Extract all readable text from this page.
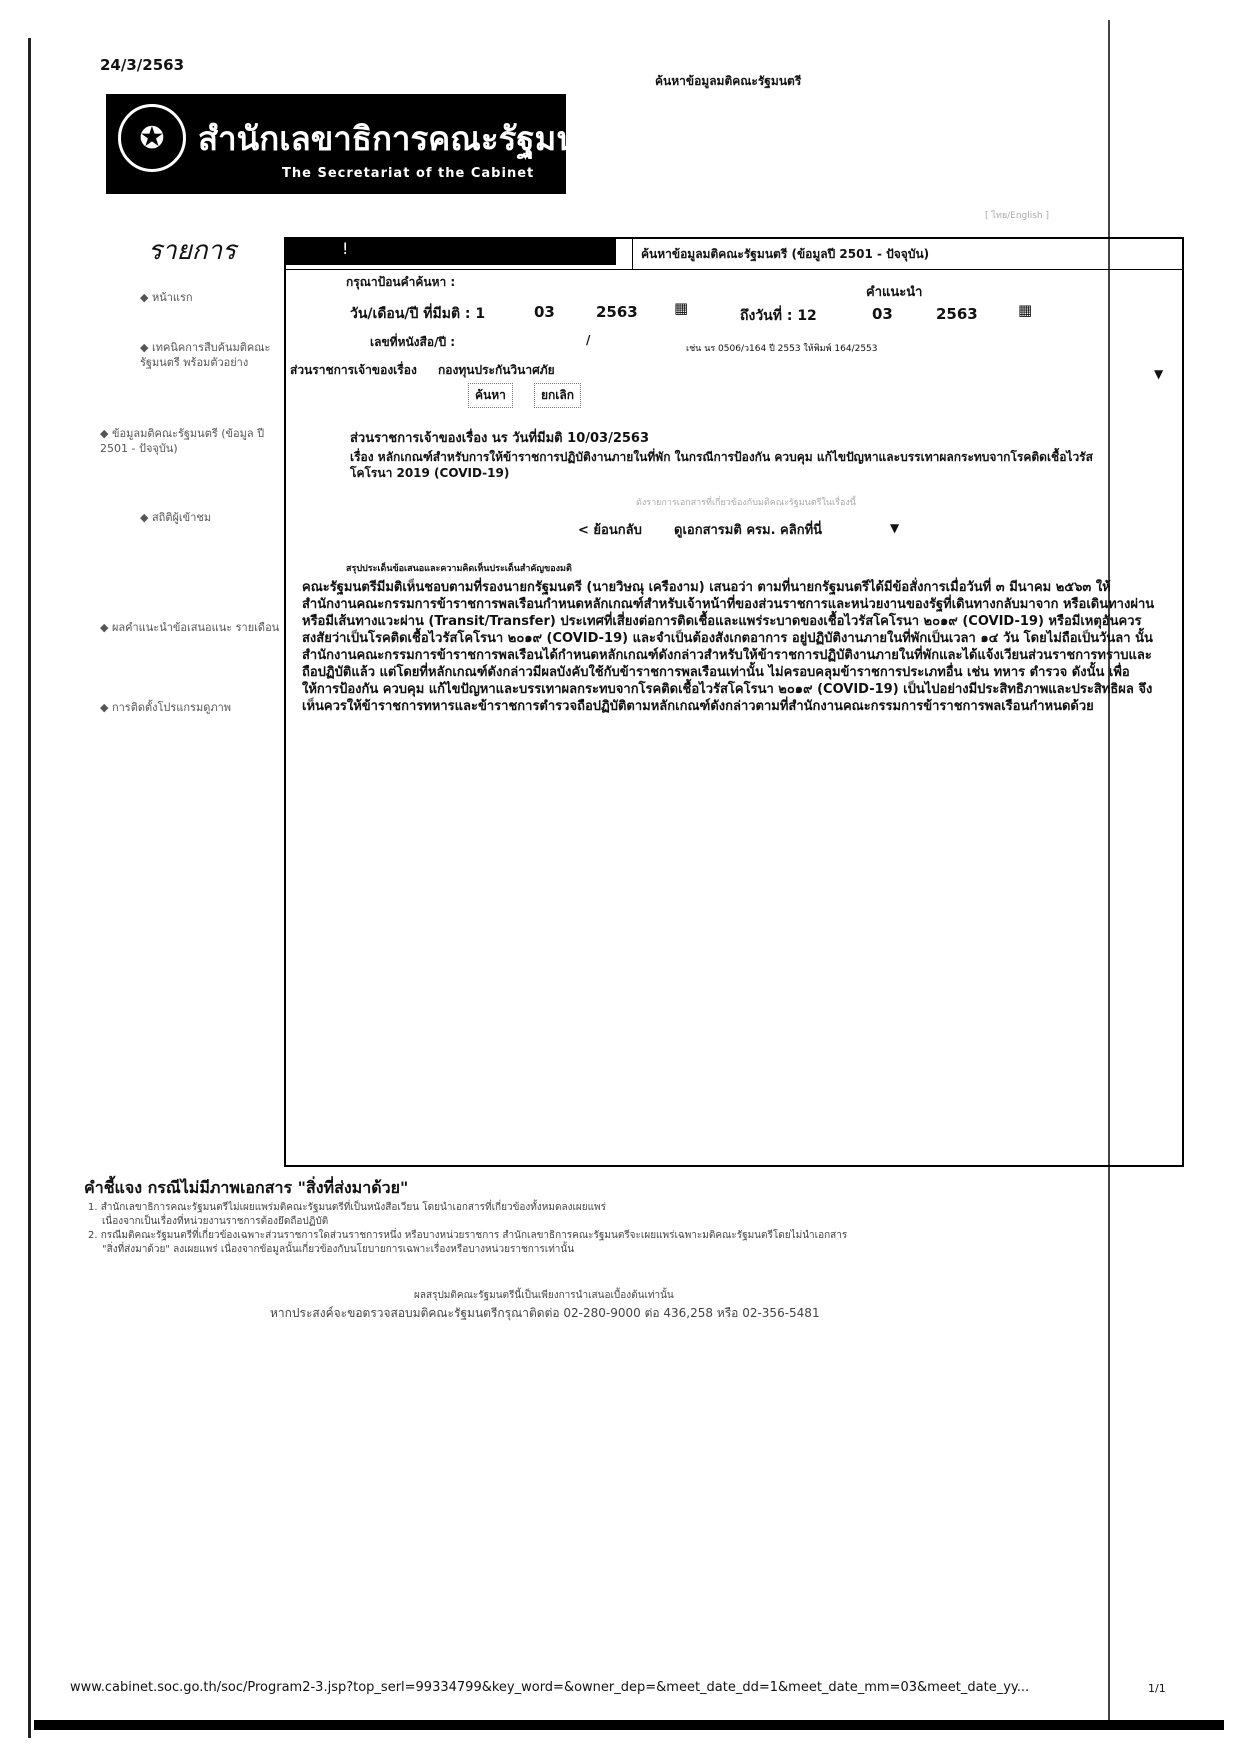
24/3/2563
ค้นหาข้อมูลมติคณะรัฐมนตรี
✪	สำนักเลขาธิการคณะรัฐมนตรี
The Secretariat of the Cabinet
[ ไทย/English ]
รายการ
◆ หน้าแรก
◆ เทคนิคการสืบค้นมติคณะรัฐมนตรี พร้อมตัวอย่าง
◆ ข้อมูลมติคณะรัฐมนตรี (ข้อมูล ปี 2501 - ปัจจุบัน)
◆ สถิติผู้เข้าชม
◆ ผลคำแนะนำข้อเสนอแนะ รายเดือน
◆ การติดตั้งโปรแกรมดูภาพ
!	ค้นหาข้อมูลมติคณะรัฐมนตรี (ข้อมูลปี 2501 - ปัจจุบัน)
กรุณาป้อนคำค้นหา :
คำแนะนำ
วัน/เดือน/ปี ที่มีมติ : 1	03	2563 ▦	ถึงวันที่ : 12	03	2563	▦
เลขที่หนังสือ/ปี :	/
เช่น นร 0506/ว164 ปี 2553 ให้พิมพ์ 164/2553
ส่วนราชการเจ้าของเรื่อง กองทุนประกันวินาศภัย	▼
ค้นหา	ยกเลิก
ส่วนราชการเจ้าของเรื่อง นร วันที่มีมติ 10/03/2563
เรื่อง หลักเกณฑ์สำหรับการให้ข้าราชการปฏิบัติงานภายในที่พัก ในกรณีการป้องกัน ควบคุม แก้ไขปัญหาและบรรเทาผลกระทบจากโรคติดเชื้อไวรัสโคโรนา 2019 (COVID-19)
ดังรายการเอกสารที่เกี่ยวข้องกับมติคณะรัฐมนตรีในเรื่องนี้
< ย้อนกลับ ดูเอกสารมติ ครม. คลิกที่นี่	▼
สรุปประเด็นข้อเสนอและความคิดเห็นประเด็นสำคัญของมติ
คณะรัฐมนตรีมีมติเห็นชอบตามที่รองนายกรัฐมนตรี (นายวิษณุ เครืองาม) เสนอว่า ตามที่นายกรัฐมนตรีได้มีข้อสั่งการเมื่อวันที่ ๓ มีนาคม ๒๕๖๓ ให้สำนักงานคณะกรรมการข้าราชการพลเรือนกำหนดหลักเกณฑ์สำหรับเจ้าหน้าที่ของส่วนราชการและหน่วยงานของรัฐที่เดินทางกลับมาจาก หรือเดินทางผ่าน หรือมีเส้นทางแวะผ่าน (Transit/Transfer) ประเทศที่เสี่ยงต่อการติดเชื้อและแพร่ระบาดของเชื้อไวรัสโคโรนา ๒๐๑๙ (COVID-19) หรือมีเหตุอันควรสงสัยว่าเป็นโรคติดเชื้อไวรัสโคโรนา ๒๐๑๙ (COVID-19) และจำเป็นต้องสังเกตอาการ อยู่ปฏิบัติงานภายในที่พักเป็นเวลา ๑๔ วัน โดยไม่ถือเป็นวันลา นั้น สำนักงานคณะกรรมการข้าราชการพลเรือนได้กำหนดหลักเกณฑ์ดังกล่าวสำหรับให้ข้าราชการปฏิบัติงานภายในที่พักและได้แจ้งเวียนส่วนราชการทราบและถือปฏิบัติแล้ว แต่โดยที่หลักเกณฑ์ดังกล่าวมีผลบังคับใช้กับข้าราชการพลเรือนเท่านั้น ไม่ครอบคลุมข้าราชการประเภทอื่น เช่น ทหาร ตำรวจ ดังนั้น เพื่อให้การป้องกัน ควบคุม แก้ไขปัญหาและบรรเทาผลกระทบจากโรคติดเชื้อไวรัสโคโรนา ๒๐๑๙ (COVID-19) เป็นไปอย่างมีประสิทธิภาพและประสิทธิผล จึงเห็นควรให้ข้าราชการทหารและข้าราชการตำรวจถือปฏิบัติตามหลักเกณฑ์ดังกล่าวตามที่สำนักงานคณะกรรมการข้าราชการพลเรือนกำหนดด้วย
คำชี้แจง กรณีไม่มีภาพเอกสาร "สิ่งที่ส่งมาด้วย"
1. สำนักเลขาธิการคณะรัฐมนตรีไม่เผยแพร่มติคณะรัฐมนตรีที่เป็นหนังสือเวียน โดยนำเอกสารที่เกี่ยวข้องทั้งหมดลงเผยแพร่
เนื่องจากเป็นเรื่องที่หน่วยงานราชการต้องยึดถือปฏิบัติ
2. กรณีมติคณะรัฐมนตรีที่เกี่ยวข้องเฉพาะส่วนราชการใดส่วนราชการหนึ่ง หรือบางหน่วยราชการ สำนักเลขาธิการคณะรัฐมนตรีจะเผยแพร่เฉพาะมติคณะรัฐมนตรีโดยไม่นำเอกสาร
"สิ่งที่ส่งมาด้วย" ลงเผยแพร่ เนื่องจากข้อมูลนั้นเกี่ยวข้องกับนโยบายการเฉพาะเรื่องหรือบางหน่วยราชการเท่านั้น
ผลสรุปมติคณะรัฐมนตรีนี้เป็นเพียงการนำเสนอเบื้องต้นเท่านั้น
หากประสงค์จะขอตรวจสอบมติคณะรัฐมนตรีกรุณาติดต่อ 02-280-9000 ต่อ 436,258 หรือ 02-356-5481
www.cabinet.soc.go.th/soc/Program2-3.jsp?top_serl=99334799&key_word=&owner_dep=&meet_date_dd=1&meet_date_mm=03&meet_date_yy...	1/1
